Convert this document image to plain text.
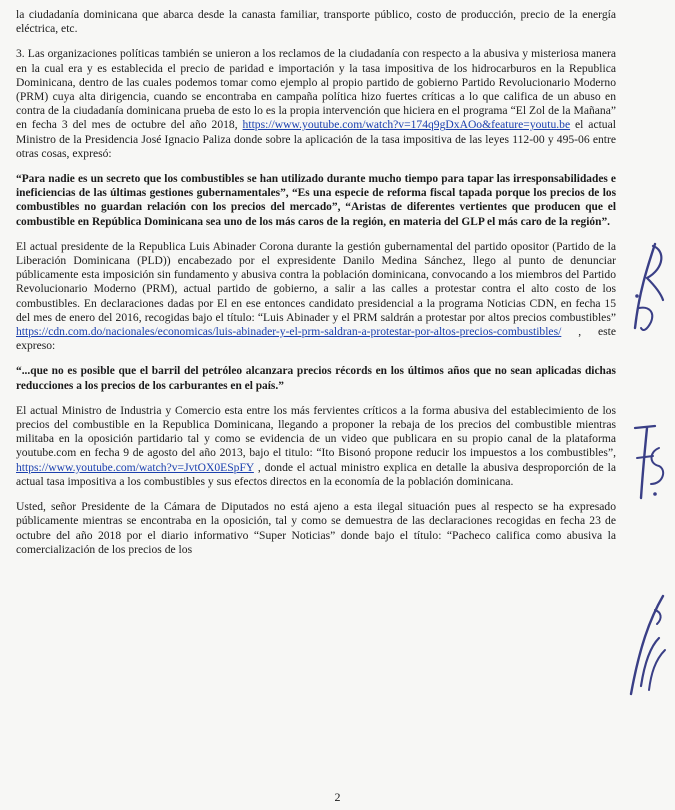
la ciudadanía dominicana que abarca desde la canasta familiar, transporte público, costo de producción, precio de la energía eléctrica, etc.

3. Las organizaciones políticas también se unieron a los reclamos de la ciudadanía con respecto a la abusiva y misteriosa manera en la cual era y es establecida el precio de paridad e importación y la tasa impositiva de los hidrocarburos en la Republica Dominicana, dentro de las cuales podemos tomar como ejemplo al propio partido de gobierno Partido Revolucionario Moderno (PRM) cuya alta dirigencia, cuando se encontraba en campaña política hizo fuertes críticas a lo que califica de un abuso en contra de la ciudadanía dominicana prueba de esto lo es la propia intervención que hiciera en el programa “El Zol de la Mañana” en fecha 3 del mes de octubre del año 2018, https://www.youtube.com/watch?v=174q9gDxAOo&feature=youtu.be el actual Ministro de la Presidencia José Ignacio Paliza donde sobre la aplicación de la tasa impositiva de las leyes 112-00 y 495-06 entre otras cosas, expresó:

“Para nadie es un secreto que los combustibles se han utilizado durante mucho tiempo para tapar las irresponsabilidades e ineficiencias de las últimas gestiones gubernamentales”, “Es una especie de reforma fiscal tapada porque los precios de los combustibles no guardan relación con los precios del mercado”, “Aristas de diferentes vertientes que producen que el combustible en República Dominicana sea uno de los más caros de la región, en materia del GLP el más caro de la región”.

El actual presidente de la Republica Luis Abinader Corona durante la gestión gubernamental del partido opositor (Partido de la Liberación Dominicana (PLD)) encabezado por el expresidente Danilo Medina Sánchez, llego al punto de denunciar públicamente esta imposición sin fundamento y abusiva contra la población dominicana, convocando a los miembros del Partido Revolucionario Moderno (PRM), actual partido de gobierno, a salir a las calles a protestar contra el alto costo de los combustibles. En declaraciones dadas por El en ese entonces candidato presidencial a la programa Noticias CDN, en fecha 15 del mes de enero del 2016, recogidas bajo el título: “Luis Abinader y el PRM saldrán a protestar por altos precios combustibles” https://cdn.com.do/nacionales/economicas/luis-abinader-y-el-prm-saldran-a-protestar-por-altos-precios-combustibles/ , este expreso:

“...que no es posible que el barril del petróleo alcanzara precios récords en los últimos años que no sean aplicadas dichas reducciones a los precios de los carburantes en el país.”

El actual Ministro de Industria y Comercio esta entre los más fervientes críticos a la forma abusiva del establecimiento de los precios del combustible en la Republica Dominicana, llegando a proponer la rebaja de los precios del combustible mientras militaba en la oposición partidario tal y como se evidencia de un video que publicara en su propio canal de la plataforma youtube.com en fecha 9 de agosto del año 2013, bajo el titulo: “Ito Bisonó propone reducir los impuestos a los combustibles”, https://www.youtube.com/watch?v=JvtOX0ESpFY , donde el actual ministro explica en detalle la abusiva desproporción de la actual tasa impositiva a los combustibles y sus efectos directos en la economía de la población dominicana.

Usted, señor Presidente de la Cámara de Diputados no está ajeno a esta ilegal situación pues al respecto se ha expresado públicamente mientras se encontraba en la oposición, tal y como se demuestra de las declaraciones recogidas en fecha 23 de octubre del año 2018 por el diario informativo “Super Noticias” donde bajo el título: “Pacheco califica como abusiva la comercialización de los precios de los

2
